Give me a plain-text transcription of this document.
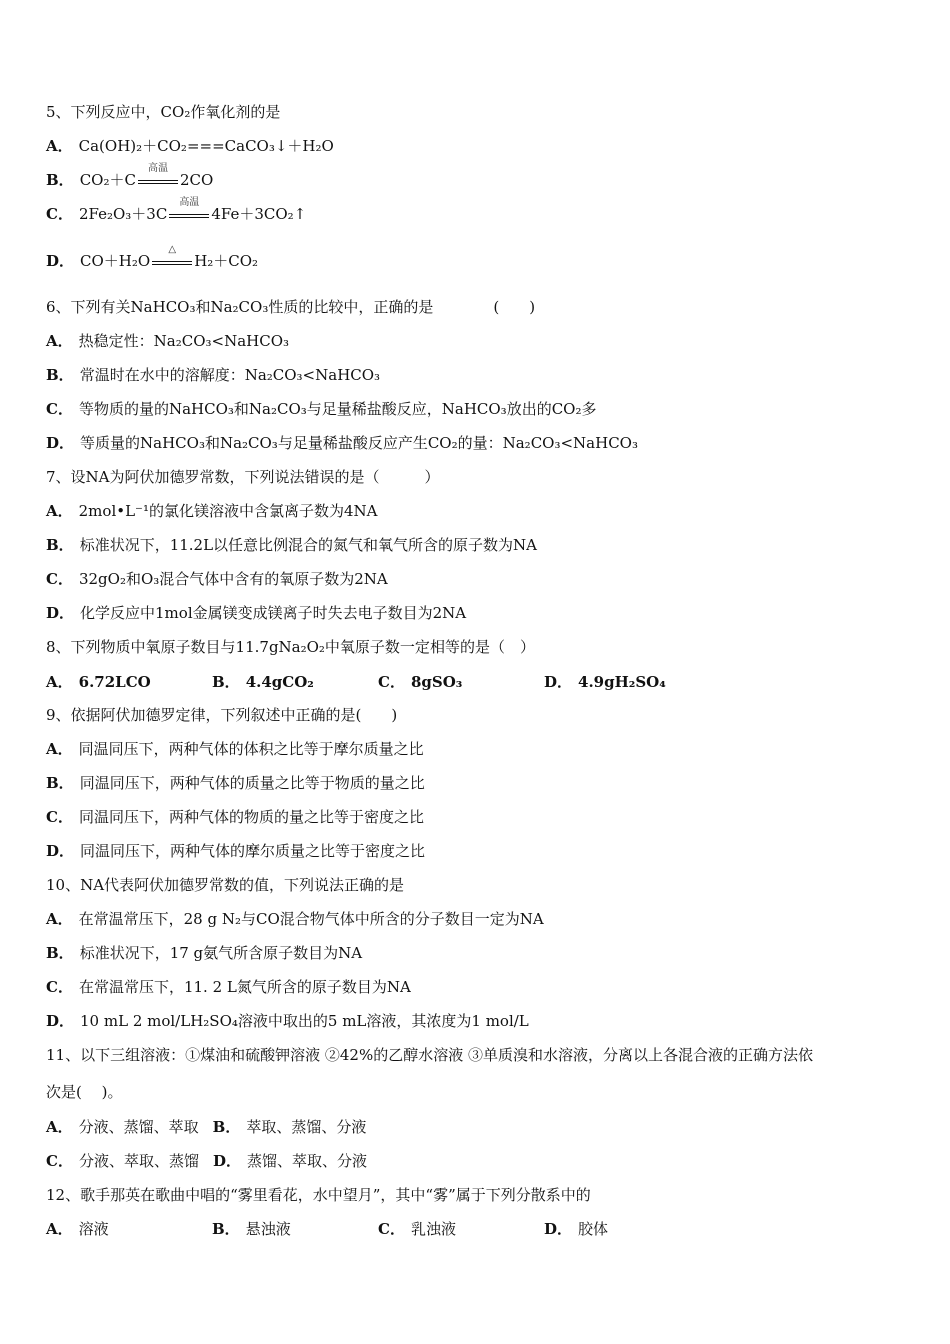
5、下列反应中，CO₂作氧化剂的是
A． Ca(OH)₂＋CO₂===CaCO₃↓＋H₂O
B． CO₂＋C
高温
2CO
C． 2Fe₂O₃＋3C
高温
4Fe＋3CO₂↑
D． CO＋H₂O
△
H₂＋CO₂
6、下列有关NaHCO₃和Na₂CO₃性质的比较中，正确的是　　　　(　　)
A． 热稳定性：Na₂CO₃<NaHCO₃
B． 常温时在水中的溶解度：Na₂CO₃<NaHCO₃
C． 等物质的量的NaHCO₃和Na₂CO₃与足量稀盐酸反应，NaHCO₃放出的CO₂多
D． 等质量的NaHCO₃和Na₂CO₃与足量稀盐酸反应产生CO₂的量：Na₂CO₃<NaHCO₃
7、设NA为阿伏加德罗常数，下列说法错误的是（　　　）
A． 2mol•L⁻¹的氯化镁溶液中含氯离子数为4NA
B． 标准状况下，11.2L以任意比例混合的氮气和氧气所含的原子数为NA
C． 32gO₂和O₃混合气体中含有的氧原子数为2NA
D． 化学反应中1mol金属镁变成镁离子时失去电子数目为2NA
8、下列物质中氧原子数目与11.7gNa₂O₂中氧原子数一定相等的是（　）
A． 6.72LCO	B． 4.4gCO₂	C． 8gSO₃	D． 4.9gH₂SO₄
9、依据阿伏加德罗定律，下列叙述中正确的是(　　)
A． 同温同压下，两种气体的体积之比等于摩尔质量之比
B． 同温同压下，两种气体的质量之比等于物质的量之比
C． 同温同压下，两种气体的物质的量之比等于密度之比
D． 同温同压下，两种气体的摩尔质量之比等于密度之比
10、NA代表阿伏加德罗常数的值，下列说法正确的是
A． 在常温常压下，28 g N₂与CO混合物气体中所含的分子数目一定为NA
B． 标准状况下，17 g氨气所含原子数目为NA
C． 在常温常压下，11. 2 L氮气所含的原子数目为NA
D． 10 mL 2 mol/LH₂SO₄溶液中取出的5 mL溶液，其浓度为1 mol/L
11、以下三组溶液：①煤油和硫酸钾溶液 ②42%的乙醇水溶液 ③单质溴和水溶液，分离以上各混合液的正确方法依
次是(　 )。
A． 分液、蒸馏、萃取 B． 萃取、蒸馏、分液
C． 分液、萃取、蒸馏 D． 蒸馏、萃取、分液
12、歌手那英在歌曲中唱的“雾里看花，水中望月”，其中“雾”属于下列分散系中的
A． 溶液	B． 悬浊液	C． 乳浊液	D． 胶体
